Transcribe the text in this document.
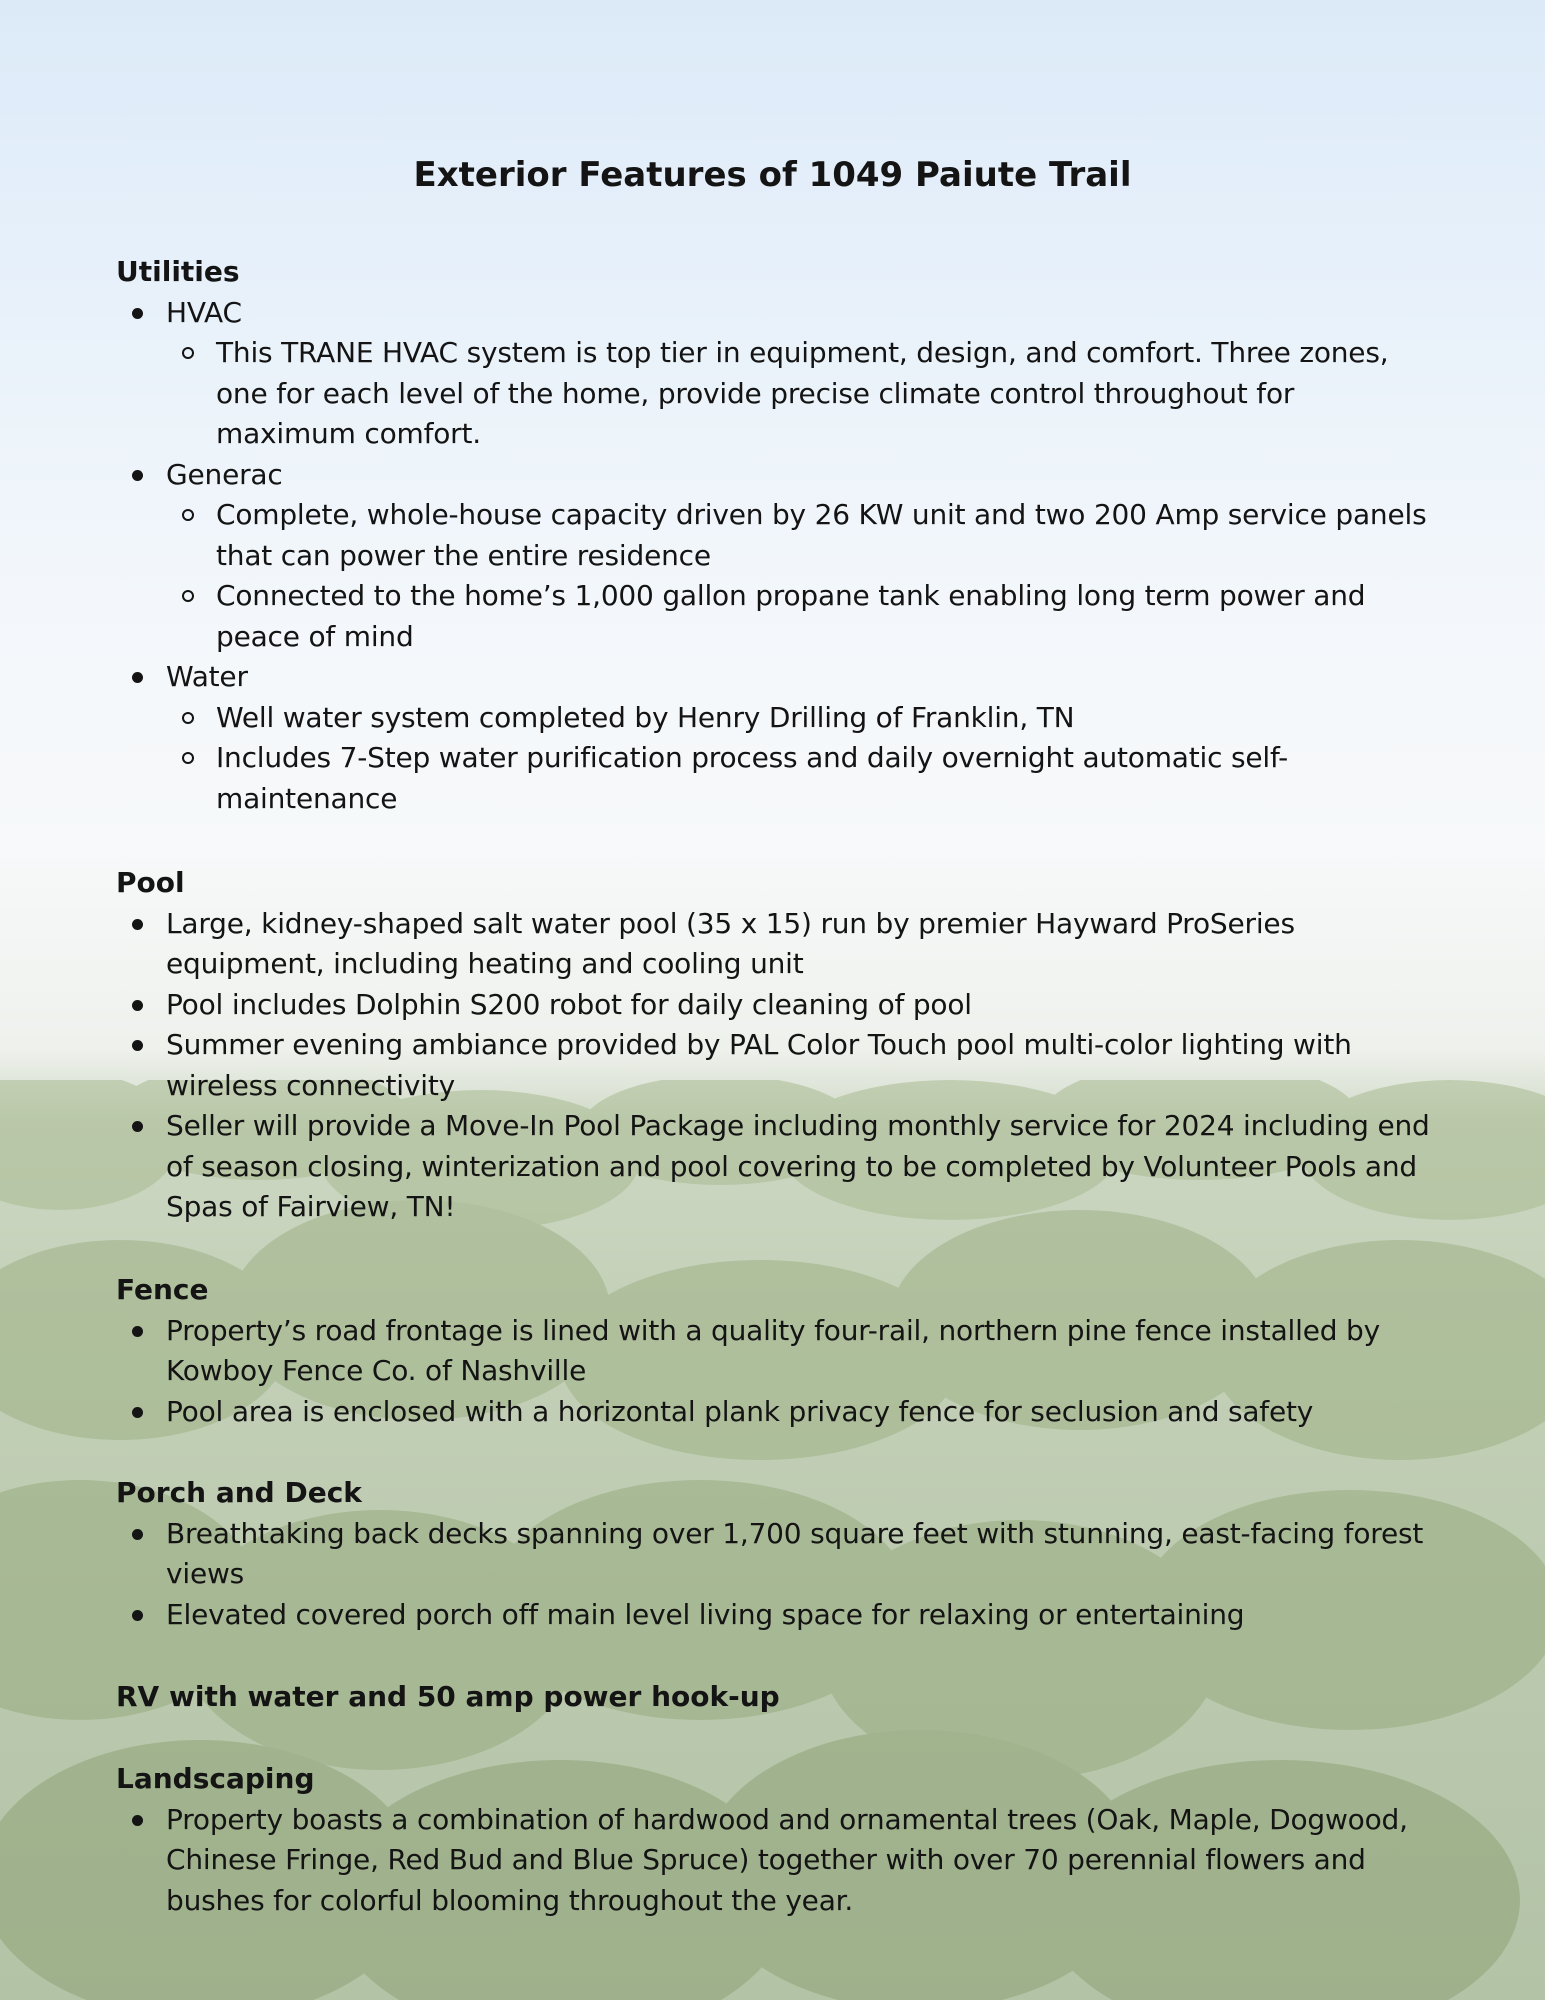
Exterior Features of 1049 Paiute Trail
Utilities
HVAC
This TRANE HVAC system is top tier in equipment, design, and comfort. Three zones, one for each level of the home, provide precise climate control throughout for maximum comfort.
Generac
Complete, whole-house capacity driven by 26 KW unit and two 200 Amp service panels that can power the entire residence
Connected to the home’s 1,000 gallon propane tank enabling long term power and peace of mind
Water
Well water system completed by Henry Drilling of Franklin, TN
Includes 7-Step water purification process and daily overnight automatic self-maintenance
Pool
Large, kidney-shaped salt water pool (35 x 15) run by premier Hayward ProSeries equipment, including heating and cooling unit
Pool includes Dolphin S200 robot for daily cleaning of pool
Summer evening ambiance provided by PAL Color Touch pool multi-color lighting with wireless connectivity
Seller will provide a Move-In Pool Package including monthly service for 2024 including end of season closing, winterization and pool covering to be completed by Volunteer Pools and Spas of Fairview, TN!
Fence
Property’s road frontage is lined with a quality four-rail, northern pine fence installed by Kowboy Fence Co. of Nashville
Pool area is enclosed with a horizontal plank privacy fence for seclusion and safety
Porch and Deck
Breathtaking back decks spanning over 1,700 square feet with stunning, east-facing forest views
Elevated covered porch off main level living space for relaxing or entertaining
RV with water and 50 amp power hook-up
Landscaping
Property boasts a combination of hardwood and ornamental trees (Oak, Maple, Dogwood, Chinese Fringe, Red Bud and Blue Spruce) together with over 70 perennial flowers and bushes for colorful blooming throughout the year.
